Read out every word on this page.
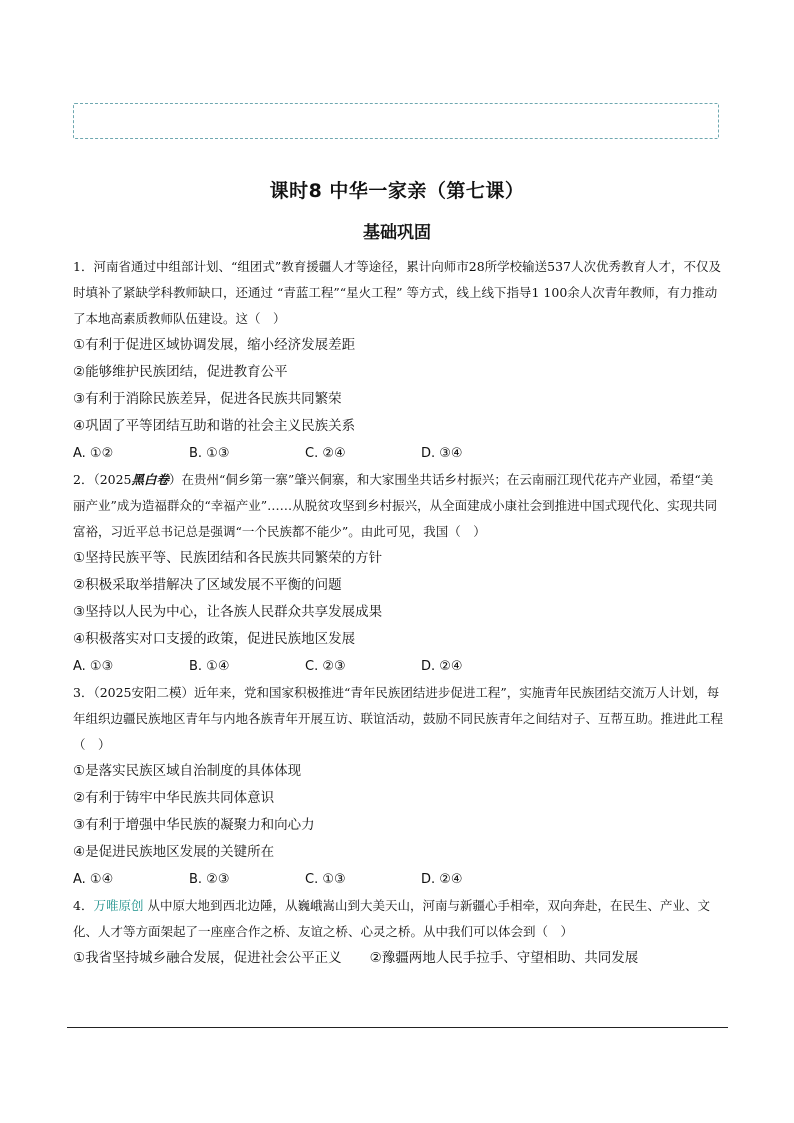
课时8 中华一家亲（第七课）
基础巩固

1．河南省通过中组部计划、“组团式”教育援疆人才等途径，累计向师市28所学校输送537人次优秀教育人才，不仅及时填补了紧缺学科教师缺口，还通过 “青蓝工程”“星火工程” 等方式，线上线下指导1 100余人次青年教师，有力推动了本地高素质教师队伍建设。这（　）

①有利于促进区域协调发展，缩小经济发展差距

②能够维护民族团结，促进教育公平

③有利于消除民族差异，促进各民族共同繁荣

④巩固了平等团结互助和谐的社会主义民族关系

A. ①②	B. ①③	C. ②④	D. ③④

2．（2025黑白卷）在贵州“侗乡第一寨”肇兴侗寨，和大家围坐共话乡村振兴；在云南丽江现代花卉产业园，希望“美丽产业”成为造福群众的“幸福产业”……从脱贫攻坚到乡村振兴，从全面建成小康社会到推进中国式现代化、实现共同富裕，习近平总书记总是强调“一个民族都不能少”。由此可见，我国（　）

①坚持民族平等、民族团结和各民族共同繁荣的方针

②积极采取举措解决了区域发展不平衡的问题

③坚持以人民为中心，让各族人民群众共享发展成果

④积极落实对口支援的政策，促进民族地区发展

A. ①③	B. ①④	C. ②③	D. ②④

3．（2025安阳二模）近年来，党和国家积极推进“青年民族团结进步促进工程”，实施青年民族团结交流万人计划，每年组织边疆民族地区青年与内地各族青年开展互访、联谊活动，鼓励不同民族青年之间结对子、互帮互助。推进此工程（　）

①是落实民族区域自治制度的具体体现

②有利于铸牢中华民族共同体意识

③有利于增强中华民族的凝聚力和向心力

④是促进民族地区发展的关键所在

A. ①④	B. ②③	C. ①③	D. ②④

4．万唯原创 从中原大地到西北边陲，从巍峨嵩山到大美天山，河南与新疆心手相牵，双向奔赴，在民生、产业、文化、人才等方面架起了一座座合作之桥、友谊之桥、心灵之桥。从中我们可以体会到（　）

①我省坚持城乡融合发展，促进社会公平正义 ②豫疆两地人民手拉手、守望相助、共同发展
